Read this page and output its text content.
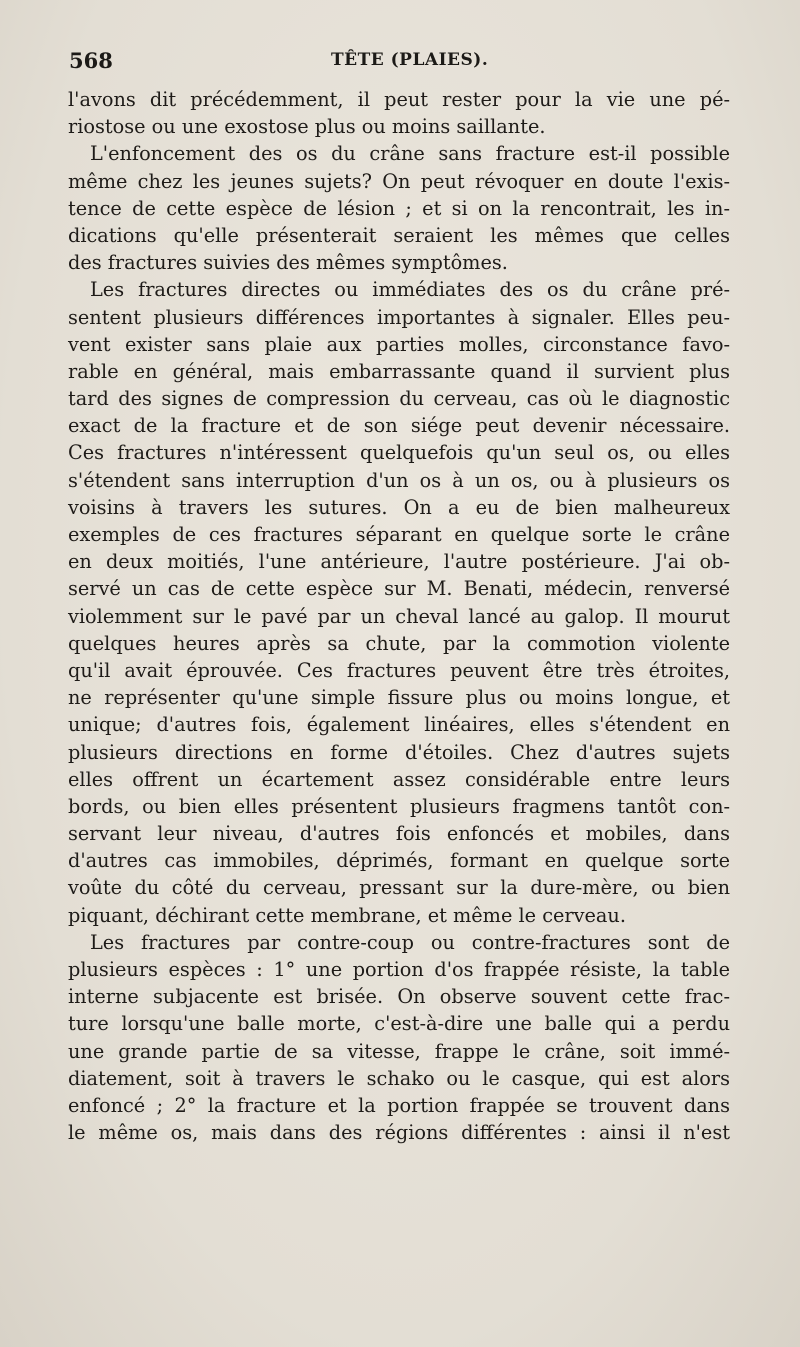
568	TÊTE (PLAIES).
l'avons dit précédemment, il peut rester pour la vie une pé-
riostose ou une exostose plus ou moins saillante.
L'enfoncement des os du crâne sans fracture est-il possible
même chez les jeunes sujets? On peut révoquer en doute l'exis-
tence de cette espèce de lésion ; et si on la rencontrait, les in-
dications qu'elle présenterait seraient les mêmes que celles
des fractures suivies des mêmes symptômes.
Les fractures directes ou immédiates des os du crâne pré-
sentent plusieurs différences importantes à signaler. Elles peu-
vent exister sans plaie aux parties molles, circonstance favo-
rable en général, mais embarrassante quand il survient plus
tard des signes de compression du cerveau, cas où le diagnostic
exact de la fracture et de son siége peut devenir nécessaire.
Ces fractures n'intéressent quelquefois qu'un seul os, ou elles
s'étendent sans interruption d'un os à un os, ou à plusieurs os
voisins à travers les sutures. On a eu de bien malheureux
exemples de ces fractures séparant en quelque sorte le crâne
en deux moitiés, l'une antérieure, l'autre postérieure. J'ai ob-
servé un cas de cette espèce sur M. Benati, médecin, renversé
violemment sur le pavé par un cheval lancé au galop. Il mourut
quelques heures après sa chute, par la commotion violente
qu'il avait éprouvée. Ces fractures peuvent être très étroites,
ne représenter qu'une simple fissure plus ou moins longue, et
unique; d'autres fois, également linéaires, elles s'étendent en
plusieurs directions en forme d'étoiles. Chez d'autres sujets
elles offrent un écartement assez considérable entre leurs
bords, ou bien elles présentent plusieurs fragmens tantôt con-
servant leur niveau, d'autres fois enfoncés et mobiles, dans
d'autres cas immobiles, déprimés, formant en quelque sorte
voûte du côté du cerveau, pressant sur la dure-mère, ou bien
piquant, déchirant cette membrane, et même le cerveau.
Les fractures par contre-coup ou contre-fractures sont de
plusieurs espèces : 1° une portion d'os frappée résiste, la table
interne subjacente est brisée. On observe souvent cette frac-
ture lorsqu'une balle morte, c'est-à-dire une balle qui a perdu
une grande partie de sa vitesse, frappe le crâne, soit immé-
diatement, soit à travers le schako ou le casque, qui est alors
enfoncé ; 2° la fracture et la portion frappée se trouvent dans
le même os, mais dans des régions différentes : ainsi il n'est
